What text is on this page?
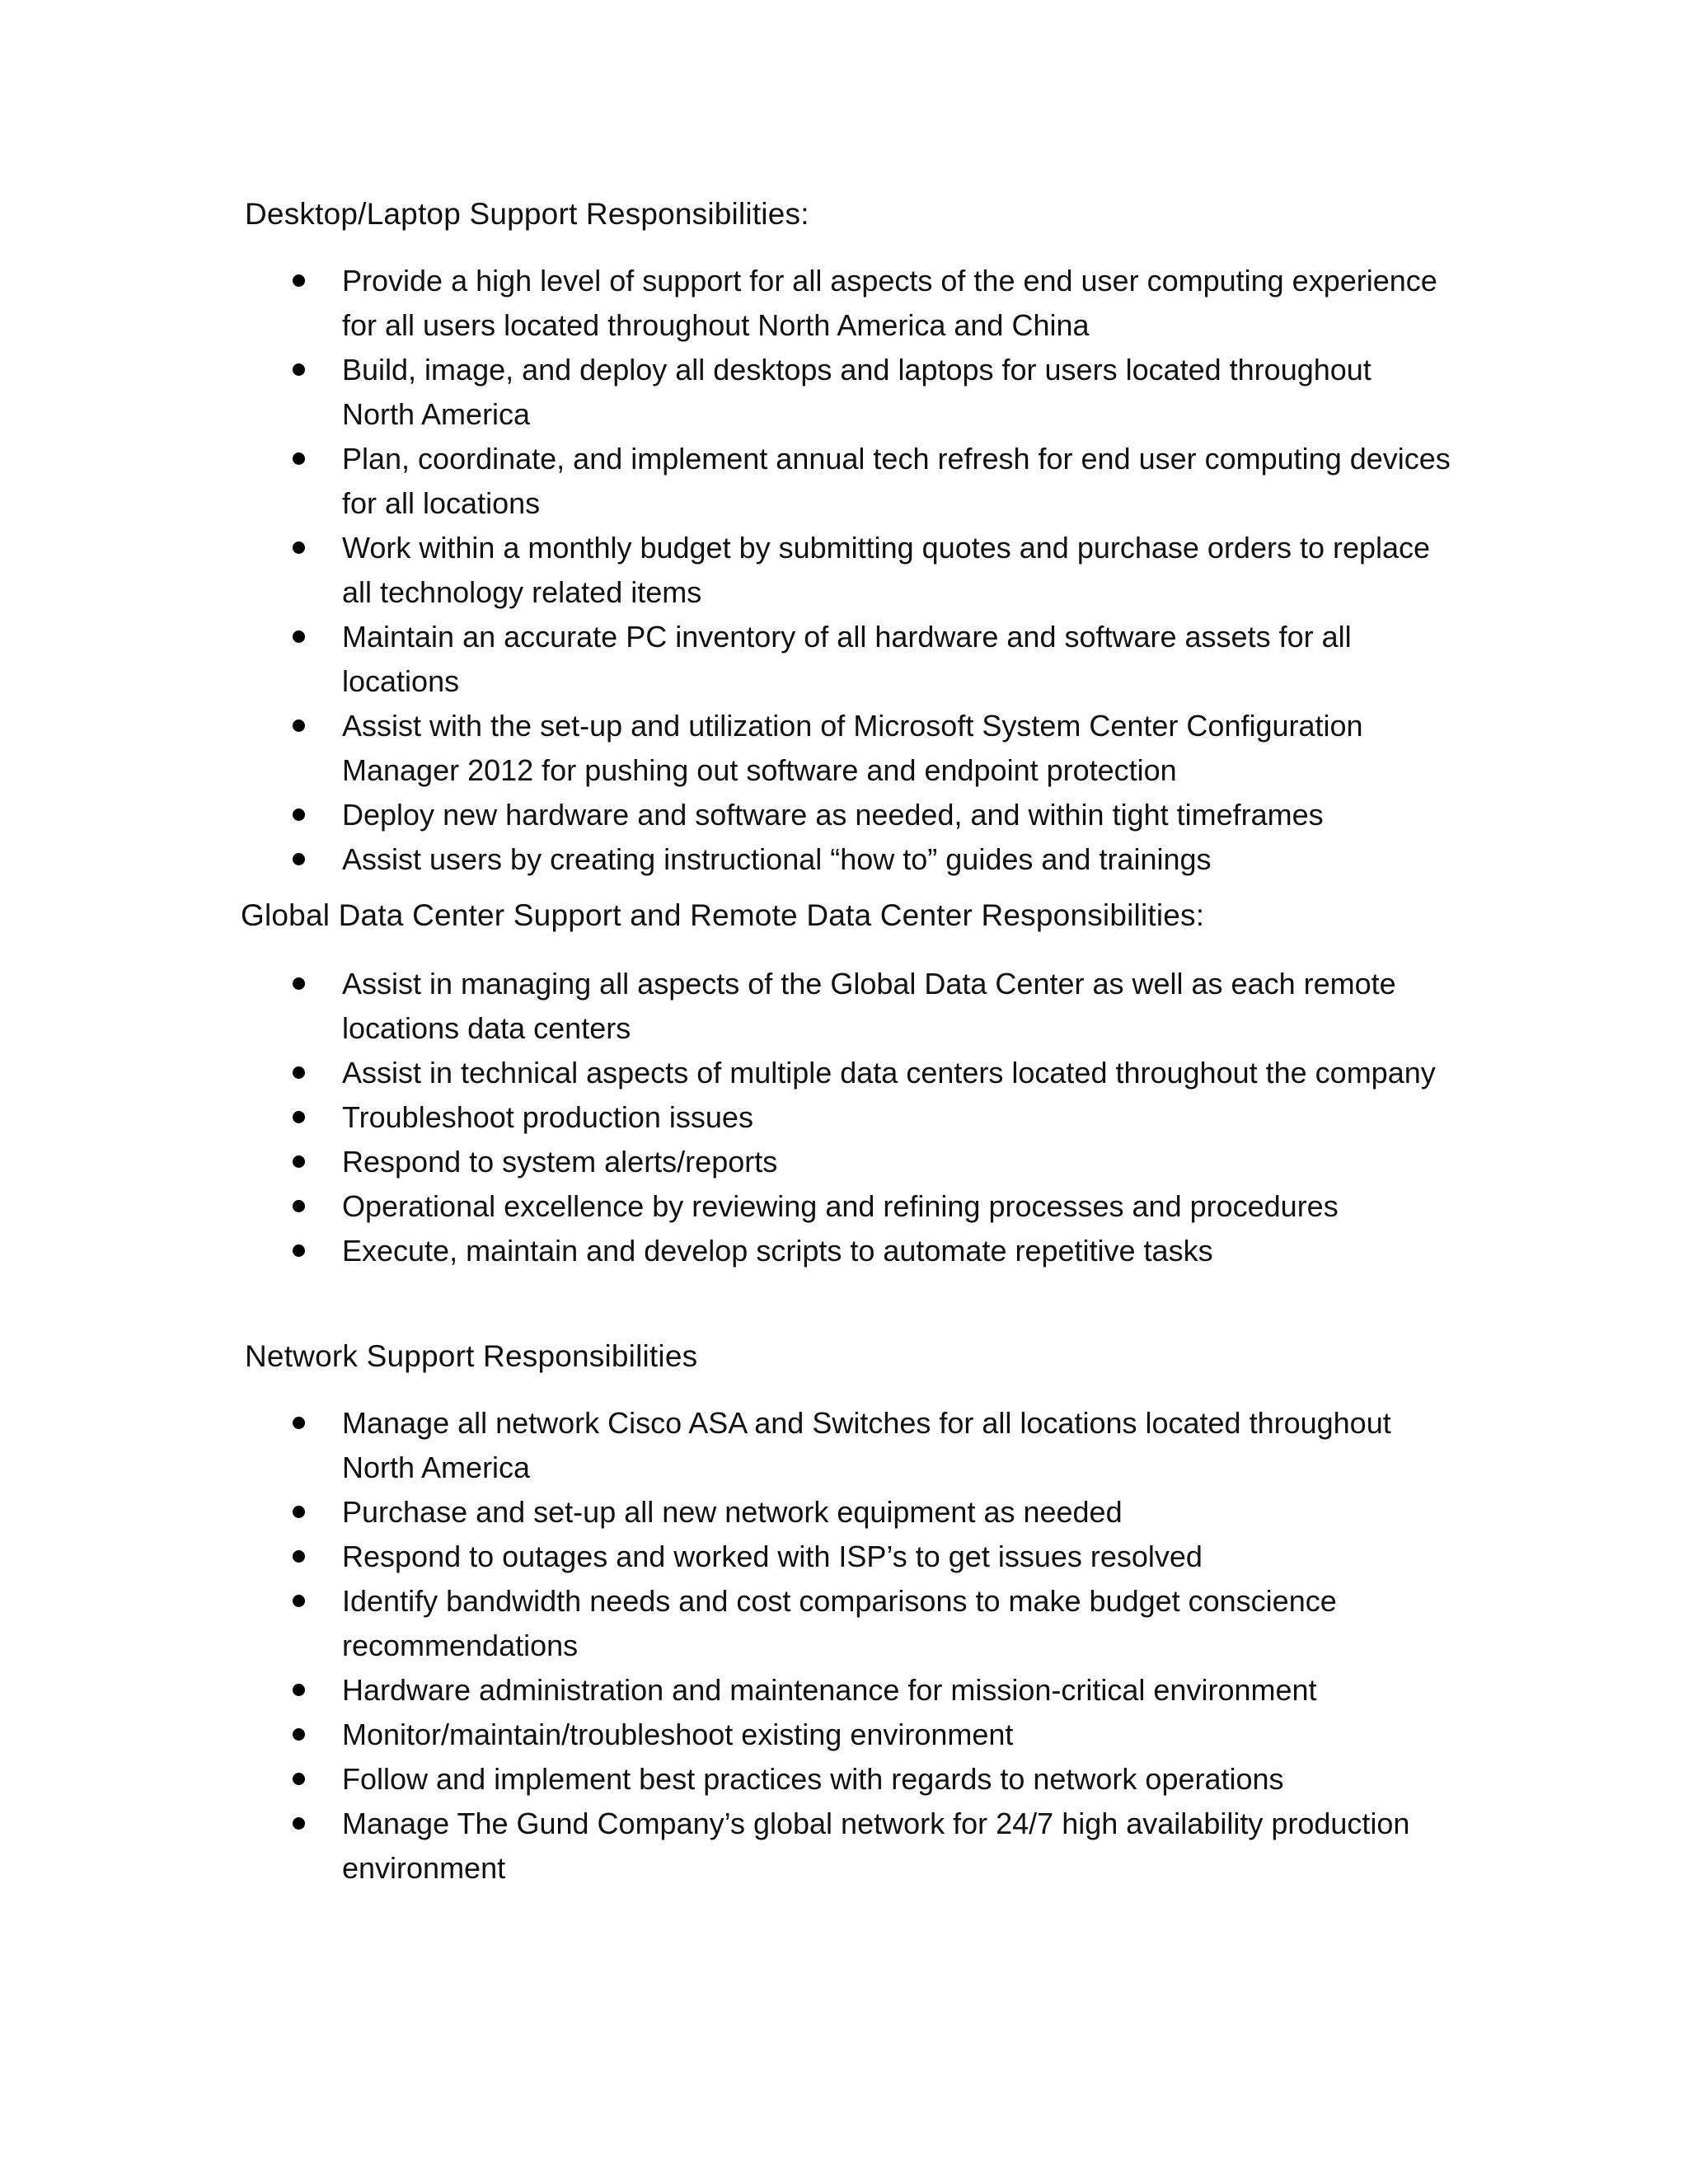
Desktop/Laptop Support Responsibilities:
Provide a high level of support for all aspects of the end user computing experience
for all users located throughout North America and China
Build, image, and deploy all desktops and laptops for users located throughout
North America
Plan, coordinate, and implement annual tech refresh for end user computing devices
for all locations
Work within a monthly budget by submitting quotes and purchase orders to replace
all technology related items
Maintain an accurate PC inventory of all hardware and software assets for all
locations
Assist with the set-up and utilization of Microsoft System Center Configuration
Manager 2012 for pushing out software and endpoint protection
Deploy new hardware and software as needed, and within tight timeframes
Assist users by creating instructional “how to” guides and trainings
Global Data Center Support and Remote Data Center Responsibilities:
Assist in managing all aspects of the Global Data Center as well as each remote
locations data centers
Assist in technical aspects of multiple data centers located throughout the company
Troubleshoot production issues
Respond to system alerts/reports
Operational excellence by reviewing and refining processes and procedures
Execute, maintain and develop scripts to automate repetitive tasks
Network Support Responsibilities
Manage all network Cisco ASA and Switches for all locations located throughout
North America
Purchase and set-up all new network equipment as needed
Respond to outages and worked with ISP’s to get issues resolved
Identify bandwidth needs and cost comparisons to make budget conscience
recommendations
Hardware administration and maintenance for mission-critical environment
Monitor/maintain/troubleshoot existing environment
Follow and implement best practices with regards to network operations
Manage The Gund Company’s global network for 24/7 high availability production
environment
